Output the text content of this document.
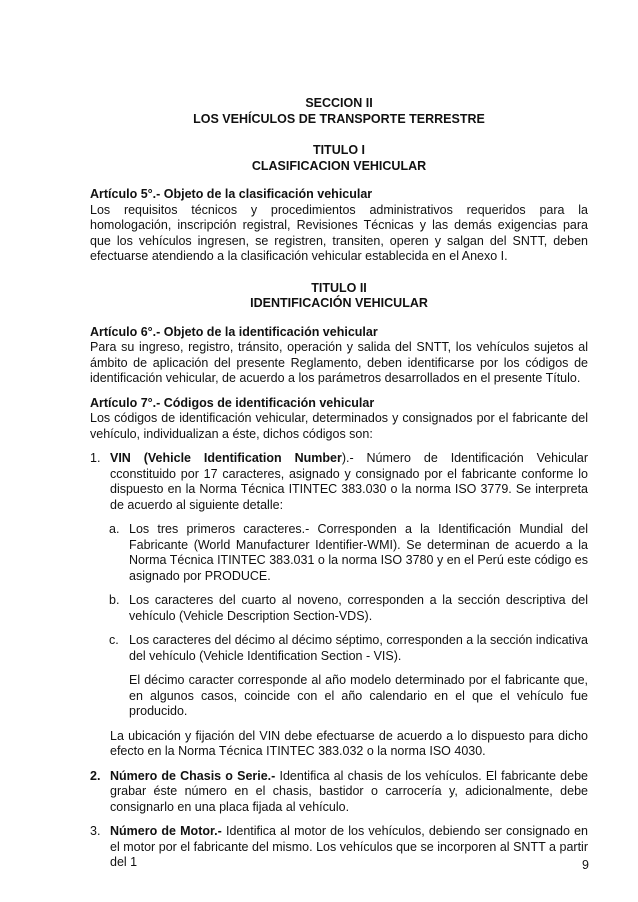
SECCION II
LOS VEHÍCULOS DE TRANSPORTE TERRESTRE
TITULO I
CLASIFICACION VEHICULAR

Artículo 5°.- Objeto de la clasificación vehicular

Los requisitos técnicos y procedimientos administrativos requeridos para la homologación, inscripción registral, Revisiones Técnicas y las demás exigencias para que los vehículos ingresen, se registren, transiten, operen y salgan del SNTT, deben efectuarse atendiendo a la clasificación vehicular establecida en el Anexo I.

TITULO II
IDENTIFICACIÓN VEHICULAR

Artículo 6°.- Objeto de la identificación vehicular

Para su ingreso, registro, tránsito, operación y salida del SNTT, los vehículos sujetos al ámbito de aplicación del presente Reglamento, deben identificarse por los códigos de identificación vehicular, de acuerdo a los parámetros desarrollados en el presente Título.

Artículo 7°.- Códigos de identificación vehicular

Los códigos de identificación vehicular, determinados y consignados por el fabricante del vehículo, individualizan a éste, dichos códigos son:

1. VIN (Vehicle Identification Number).- Número de Identificación Vehicular cconstituido por 17 caracteres, asignado y consignado por el fabricante conforme lo dispuesto en la Norma Técnica ITINTEC 383.030 o la norma ISO 3779. Se interpreta de acuerdo al siguiente detalle:
a. Los tres primeros caracteres.- Corresponden a la Identificación Mundial del Fabricante (World Manufacturer Identifier-WMI). Se determinan de acuerdo a la Norma Técnica ITINTEC 383.031 o la norma ISO 3780 y en el Perú este código es asignado por PRODUCE.
b. Los caracteres del cuarto al noveno, corresponden a la sección descriptiva del vehículo (Vehicle Description Section-VDS).
c. Los caracteres del décimo al décimo séptimo, corresponden a la sección indicativa del vehículo (Vehicle Identification Section - VIS).

El décimo caracter corresponde al año modelo determinado por el fabricante que, en algunos casos, coincide con el año calendario en el que el vehículo fue producido.

La ubicación y fijación del VIN debe efectuarse de acuerdo a lo dispuesto para dicho efecto en la Norma Técnica ITINTEC 383.032 o la norma ISO 4030.

2. Número de Chasis o Serie.- Identifica al chasis de los vehículos. El fabricante debe grabar éste número en el chasis, bastidor o carrocería y, adicionalmente, debe consignarlo en una placa fijada al vehículo.
3. Número de Motor.- Identifica al motor de los vehículos, debiendo ser consignado en el motor por el fabricante del mismo. Los vehículos que se incorporen al SNTT a partir del 1	9
